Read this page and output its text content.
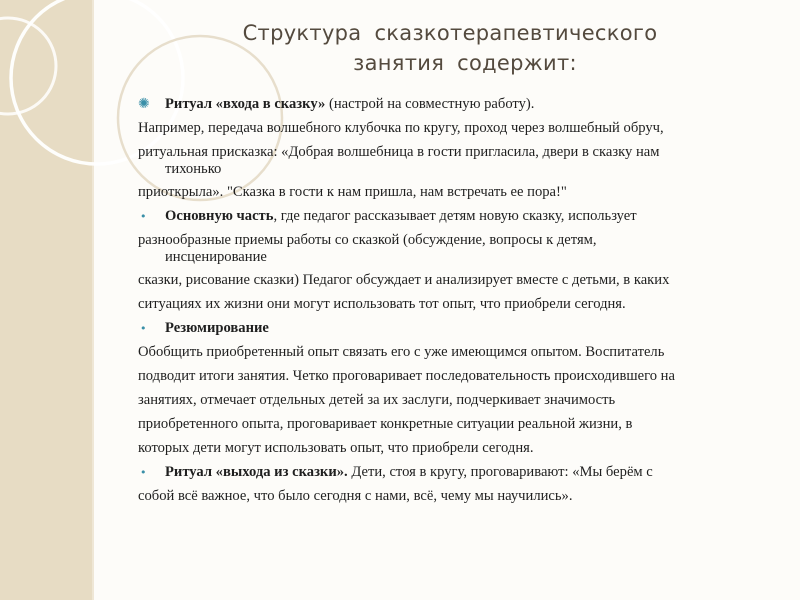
Структура сказкотерапевтического
занятия содержит:
✺ Ритуал «входа в сказку» (настрой на совместную работу).
Например, передача волшебного клубочка по кругу, проход через волшебный обруч,
ритуальная присказка: «Добрая волшебница в гости пригласила, двери в сказку нам
тихонько
приоткрыла». "Сказка в гости к нам пришла, нам встречать ее пора!"
• Основную часть, где педагог рассказывает детям новую сказку, использует
разнообразные приемы работы со сказкой (обсуждение, вопросы к детям,
инсценирование
сказки, рисование сказки) Педагог обсуждает и анализирует вместе с детьми, в каких
ситуациях их жизни они могут использовать тот опыт, что приобрели сегодня.
• Резюмирование
Обобщить приобретенный опыт связать его с уже имеющимся опытом. Воспитатель
подводит итоги занятия. Четко проговаривает последовательность происходившего на
занятиях, отмечает отдельных детей за их заслуги, подчеркивает значимость
приобретенного опыта, проговаривает конкретные ситуации реальной жизни, в
которых дети могут использовать опыт, что приобрели сегодня.
• Ритуал «выхода из сказки». Дети, стоя в кругу, проговаривают: «Мы берём с
собой всё важное, что было сегодня с нами, всё, чему мы научились».
